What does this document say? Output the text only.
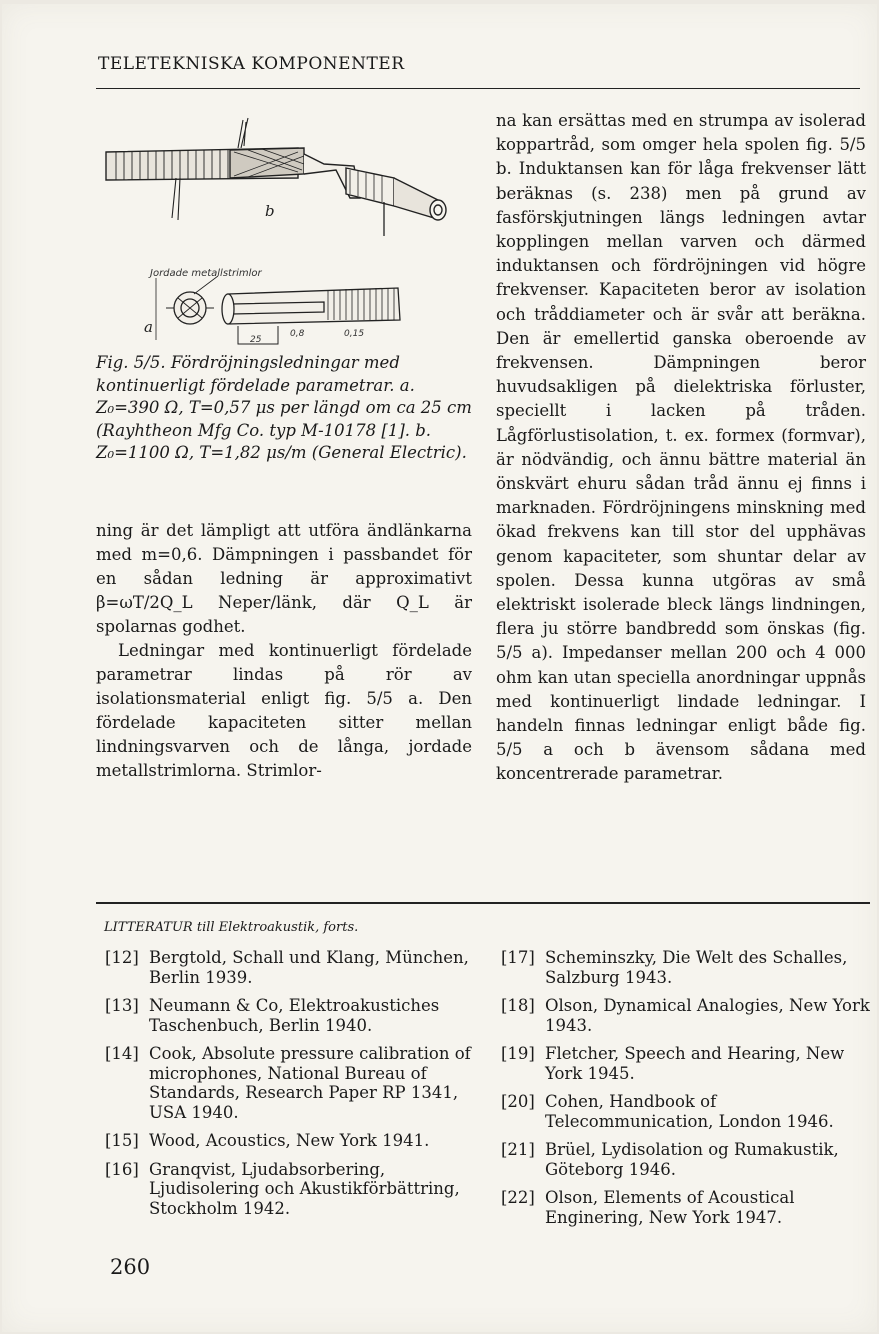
TELETEKNISKA KOMPONENTER
b
a
Jordade metallstrimlor
25
0,8	0,15
Fig. 5/5. Fördröjningsledningar med kontinuerligt fördelade parametrar. a. Z₀=390 Ω, T=0,57 μs per längd om ca 25 cm (Rayhtheon Mfg Co. typ M-10178 [1]. b. Z₀=1100 Ω, T=1,82 μs/m (General Electric).

ning är det lämpligt att utföra ändlänkarna med m=0,6. Dämpningen i passbandet för en sådan ledning är approximativt β=ωT/2Q_L Neper/länk, där Q_L är spolarnas godhet.

Ledningar med kontinuerligt fördelade parametrar lindas på rör av isolationsmaterial enligt fig. 5/5 a. Den fördelade kapaciteten sitter mellan lindningsvarven och de långa, jordade metallstrimlorna. Strimlor-

na kan ersättas med en strumpa av isolerad koppartråd, som omger hela spolen fig. 5/5 b. Induktansen kan för låga frekvenser lätt beräknas (s. 238) men på grund av fasförskjutningen längs ledningen avtar kopplingen mellan varven och därmed induktansen och fördröjningen vid högre frekvenser. Kapaciteten beror av isolation och tråddiameter och är svår att beräkna. Den är emellertid ganska oberoende av frekvensen. Dämpningen beror huvudsakligen på dielektriska förluster, speciellt i lacken på tråden. Lågförlustisolation, t. ex. formex (formvar), är nödvändig, och ännu bättre material än önskvärt ehuru sådan tråd ännu ej finns i marknaden. Fördröjningens minskning med ökad frekvens kan till stor del upphävas genom kapaciteter, som shuntar delar av spolen. Dessa kunna utgöras av små elektriskt isolerade bleck längs lindningen, flera ju större bandbredd som önskas (fig. 5/5 a). Impedanser mellan 200 och 4 000 ohm kan utan speciella anordningar uppnås med kontinuerligt lindade ledningar. I handeln finnas ledningar enligt både fig. 5/5 a och b ävensom sådana med koncentrerade parametrar.

LITTERATUR till Elektroakustik, forts.
[12] Bergtold, Schall und Klang, München, Berlin 1939.
[13] Neumann & Co, Elektroakustiches Taschenbuch, Berlin 1940.
[14] Cook, Absolute pressure calibration of microphones, National Bureau of Standards, Research Paper RP 1341, USA 1940.
[15] Wood, Acoustics, New York 1941.
[16] Granqvist, Ljudabsorbering, Ljudisolering och Akustikförbättring, Stockholm 1942.
[17] Scheminszky, Die Welt des Schalles, Salzburg 1943.
[18] Olson, Dynamical Analogies, New York 1943.
[19] Fletcher, Speech and Hearing, New York 1945.
[20] Cohen, Handbook of Telecommunication, London 1946.
[21] Brüel, Lydisolation og Rumakustik, Göteborg 1946.
[22] Olson, Elements of Acoustical Enginering, New York 1947.
260
